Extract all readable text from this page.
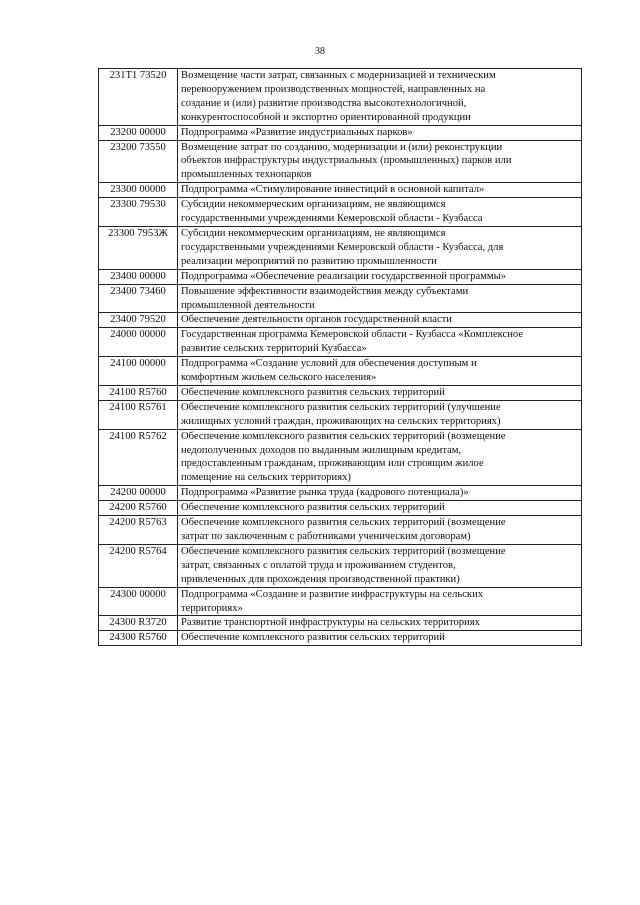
38
231Т1 73520	Возмещение части затрат, связанных с модернизацией и техническим
перевооружением производственных мощностей, направленных на
создание и (или) развитие производства высокотехнологичной,
конкурентоспособной и экспортно ориентированной продукции

23200 00000	Подпрограмма «Развитие индустриальных парков»

23200 73550	Возмещение затрат по созданию, модернизации и (или) реконструкции
объектов инфраструктуры индустриальных (промышленных) парков или
промышленных технопарков

23300 00000	Подпрограмма «Стимулирование инвестиций в основной капитал»

23300 79530	Субсидии некоммерческим организациям, не являющимся
государственными учреждениями Кемеровской области - Кузбасса

23300 7953Ж	Субсидии некоммерческим организациям, не являющимся
государственными учреждениями Кемеровской области - Кузбасса, для
реализации мероприятий по развитию промышленности

23400 00000	Подпрограмма «Обеспечение реализации государственной программы»

23400 73460	Повышение эффективности взаимодействия между субъектами
промышленной деятельности

23400 79520	Обеспечение деятельности органов государственной власти

24000 00000	Государственная программа Кемеровской области - Кузбасса «Комплексное
развитие сельских территорий Кузбасса»

24100 00000	Подпрограмма «Создание условий для обеспечения доступным и
комфортным жильем сельского населения»

24100 R5760	Обеспечение комплексного развития сельских территорий

24100 R5761	Обеспечение комплексного развития сельских территорий (улучшение
жилищных условий граждан, проживающих на сельских территориях)

24100 R5762	Обеспечение комплексного развития сельских территорий (возмещение
недополученных доходов по выданным жилищным кредитам,
предоставленным гражданам, проживающим или строящим жилое
помещение на сельских территориях)

24200 00000	Подпрограмма «Развитие рынка труда (кадрового потенциала)»

24200 R5760	Обеспечение комплексного развития сельских территорий

24200 R5763	Обеспечение комплексного развития сельских территорий (возмещение
затрат по заключенным с работниками ученическим договорам)

24200 R5764	Обеспечение комплексного развития сельских территорий (возмещение
затрат, связанных с оплатой труда и проживанием студентов,
привлеченных для прохождения производственной практики)

24300 00000	Подпрограмма «Создание и развитие инфраструктуры на сельских
территориях»

24300 R3720	Развитие транспортной инфраструктуры на сельских территориях

24300 R5760	Обеспечение комплексного развития сельских территорий
